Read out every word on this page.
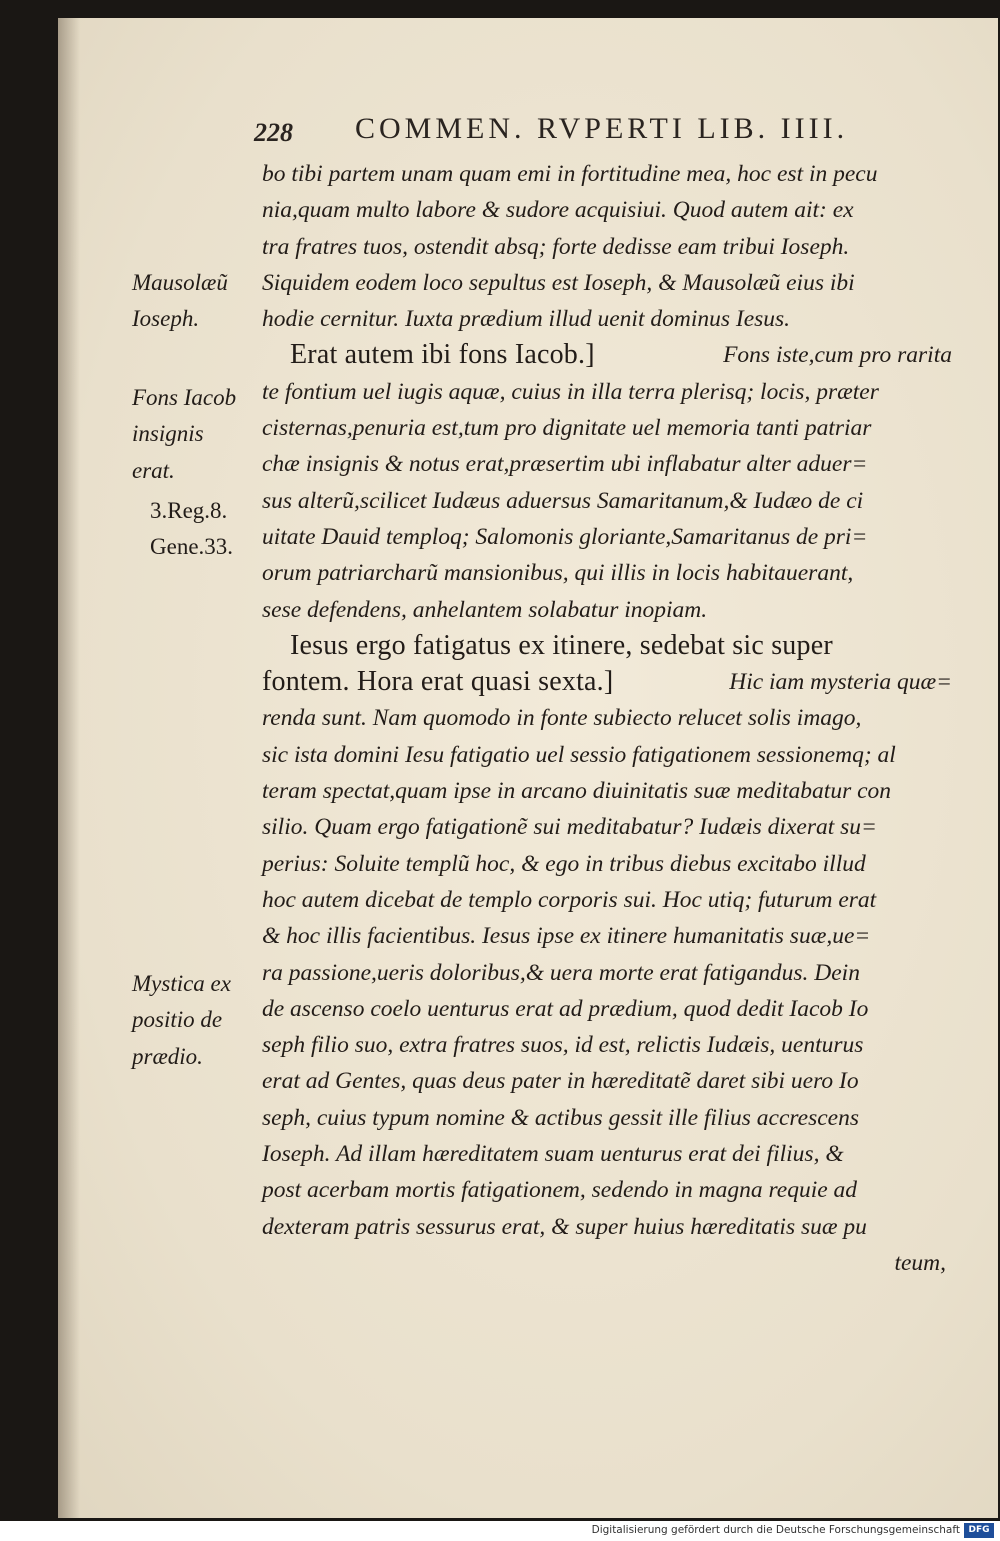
228 COMMEN. RVPERTI LIB. IIII.
Mausolæũ
Ioseph.
Fons Iacob
insignis
erat.
3.Reg.8.
Gene.33.
Mystica ex
positio de
prædio.
bo tibi partem unam quam emi in fortitudine mea, hoc est in pecu
nia,quam multo labore & sudore acquisiui. Quod autem ait: ex
tra fratres tuos, ostendit absq; forte dedisse eam tribui Ioseph.
Siquidem eodem loco sepultus est Ioseph, & Mausolæũ eius ibi
hodie cernitur. Iuxta prædium illud uenit dominus Iesus.
Erat autem ibi fons Iacob.]	Fons iste,cum pro raritа
te fontium uel iugis aquæ, cuius in illa terra plerisq; locis, præter
cisternas,penuria est,tum pro dignitate uel memoria tanti patriar
chæ insignis & notus erat,præsertim ubi inflabatur alter aduer=
sus alterũ,scilicet Iudæus aduersus Samaritanum,& Iudæo de ci
uitate Dauid temploq; Salomonis gloriante,Samaritanus de pri=
orum patriarcharũ mansionibus, qui illis in locis habitauerant,
sese defendens, anhelantem solabatur inopiam.
Iesus ergo fatigatus ex itinere, sedebat sic super
fontem. Hora erat quasi sexta.]	Hic iam mysteria quæ=
renda sunt. Nam quomodo in fonte subiecto relucet solis imago,
sic ista domini Iesu fatigatio uel sessio fatigationem sessionemq; al
teram spectat,quam ipse in arcano diuinitatis suæ meditabatur con
silio. Quam ergo fatigationẽ sui meditabatur? Iudæis dixerat su=
perius: Soluite templũ hoc, & ego in tribus diebus excitabo illud
hoc autem dicebat de templo corporis sui. Hoc utiq; futurum erat
& hoc illis facientibus. Iesus ipse ex itinere humanitatis suæ,ue=
ra passione,ueris doloribus,& uera morte erat fatigandus. Dein
de ascenso coelo uenturus erat ad prædium, quod dedit Iacob Io
seph filio suo, extra fratres suos, id est, relictis Iudæis, uenturus
erat ad Gentes, quas deus pater in hæreditatẽ daret sibi uero Io
seph, cuius typum nomine & actibus gessit ille filius accrescens
Ioseph. Ad illam hæreditatem suam uenturus erat dei filius, &
post acerbam mortis fatigationem, sedendo in magna requie ad
dexteram patris sessurus erat, & super huius hæreditatis suæ pu
teum,
Digitalisierung gefördert durch die Deutsche Forschungsgemeinschaft DFG
